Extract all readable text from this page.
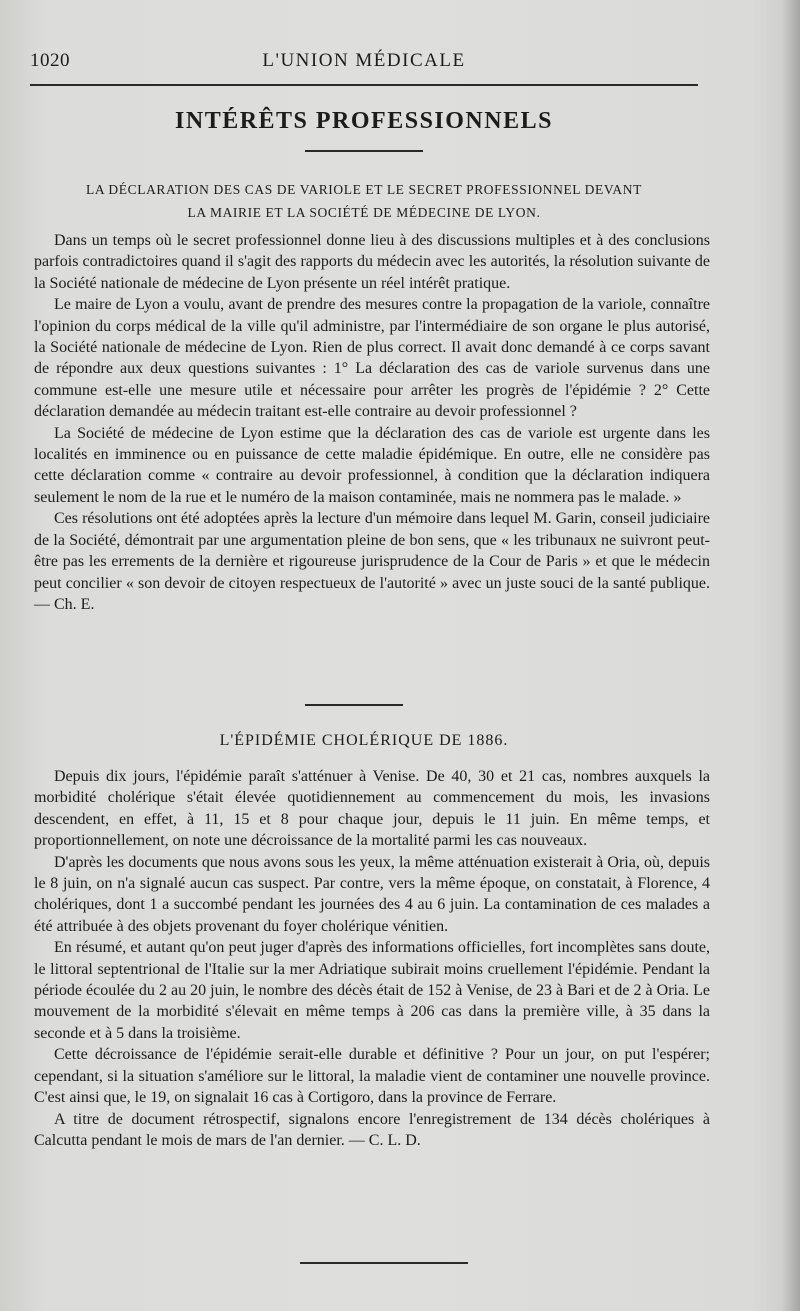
1020	L'UNION MÉDICALE
INTÉRÊTS PROFESSIONNELS
LA DÉCLARATION DES CAS DE VARIOLE ET LE SECRET PROFESSIONNEL DEVANT
LA MAIRIE ET LA SOCIÉTÉ DE MÉDECINE DE LYON.

Dans un temps où le secret professionnel donne lieu à des discussions multiples et à des conclusions parfois contradictoires quand il s'agit des rapports du médecin avec les autorités, la résolution suivante de la Société nationale de médecine de Lyon présente un réel intérêt pratique.

Le maire de Lyon a voulu, avant de prendre des mesures contre la propagation de la variole, connaître l'opinion du corps médical de la ville qu'il administre, par l'intermédiaire de son organe le plus autorisé, la Société nationale de médecine de Lyon. Rien de plus correct. Il avait donc demandé à ce corps savant de répondre aux deux questions suivantes : 1° La déclaration des cas de variole survenus dans une commune est-elle une mesure utile et nécessaire pour arrêter les progrès de l'épidémie ? 2° Cette déclaration demandée au médecin traitant est-elle contraire au devoir professionnel ?

La Société de médecine de Lyon estime que la déclaration des cas de variole est urgente dans les localités en imminence ou en puissance de cette maladie épidémique. En outre, elle ne considère pas cette déclaration comme « contraire au devoir professionnel, à condition que la déclaration indiquera seulement le nom de la rue et le numéro de la maison contaminée, mais ne nommera pas le malade. »

Ces résolutions ont été adoptées après la lecture d'un mémoire dans lequel M. Garin, conseil judiciaire de la Société, démontrait par une argumentation pleine de bon sens, que « les tribunaux ne suivront peut-être pas les errements de la dernière et rigoureuse jurisprudence de la Cour de Paris » et que le médecin peut concilier « son devoir de citoyen respectueux de l'autorité » avec un juste souci de la santé publique. — Ch. E.

L'ÉPIDÉMIE CHOLÉRIQUE DE 1886.

Depuis dix jours, l'épidémie paraît s'atténuer à Venise. De 40, 30 et 21 cas, nombres auxquels la morbidité cholérique s'était élevée quotidiennement au commencement du mois, les invasions descendent, en effet, à 11, 15 et 8 pour chaque jour, depuis le 11 juin. En même temps, et proportionnellement, on note une décroissance de la mortalité parmi les cas nouveaux.

D'après les documents que nous avons sous les yeux, la même atténuation existerait à Oria, où, depuis le 8 juin, on n'a signalé aucun cas suspect. Par contre, vers la même époque, on constatait, à Florence, 4 cholériques, dont 1 a succombé pendant les journées des 4 au 6 juin. La contamination de ces malades a été attribuée à des objets provenant du foyer cholérique vénitien.

En résumé, et autant qu'on peut juger d'après des informations officielles, fort incomplètes sans doute, le littoral septentrional de l'Italie sur la mer Adriatique subirait moins cruellement l'épidémie. Pendant la période écoulée du 2 au 20 juin, le nombre des décès était de 152 à Venise, de 23 à Bari et de 2 à Oria. Le mouvement de la morbidité s'élevait en même temps à 206 cas dans la première ville, à 35 dans la seconde et à 5 dans la troisième.

Cette décroissance de l'épidémie serait-elle durable et définitive ? Pour un jour, on put l'espérer; cependant, si la situation s'améliore sur le littoral, la maladie vient de contaminer une nouvelle province. C'est ainsi que, le 19, on signalait 16 cas à Cortigoro, dans la province de Ferrare.

A titre de document rétrospectif, signalons encore l'enregistrement de 134 décès cholériques à Calcutta pendant le mois de mars de l'an dernier. — C. L. D.
